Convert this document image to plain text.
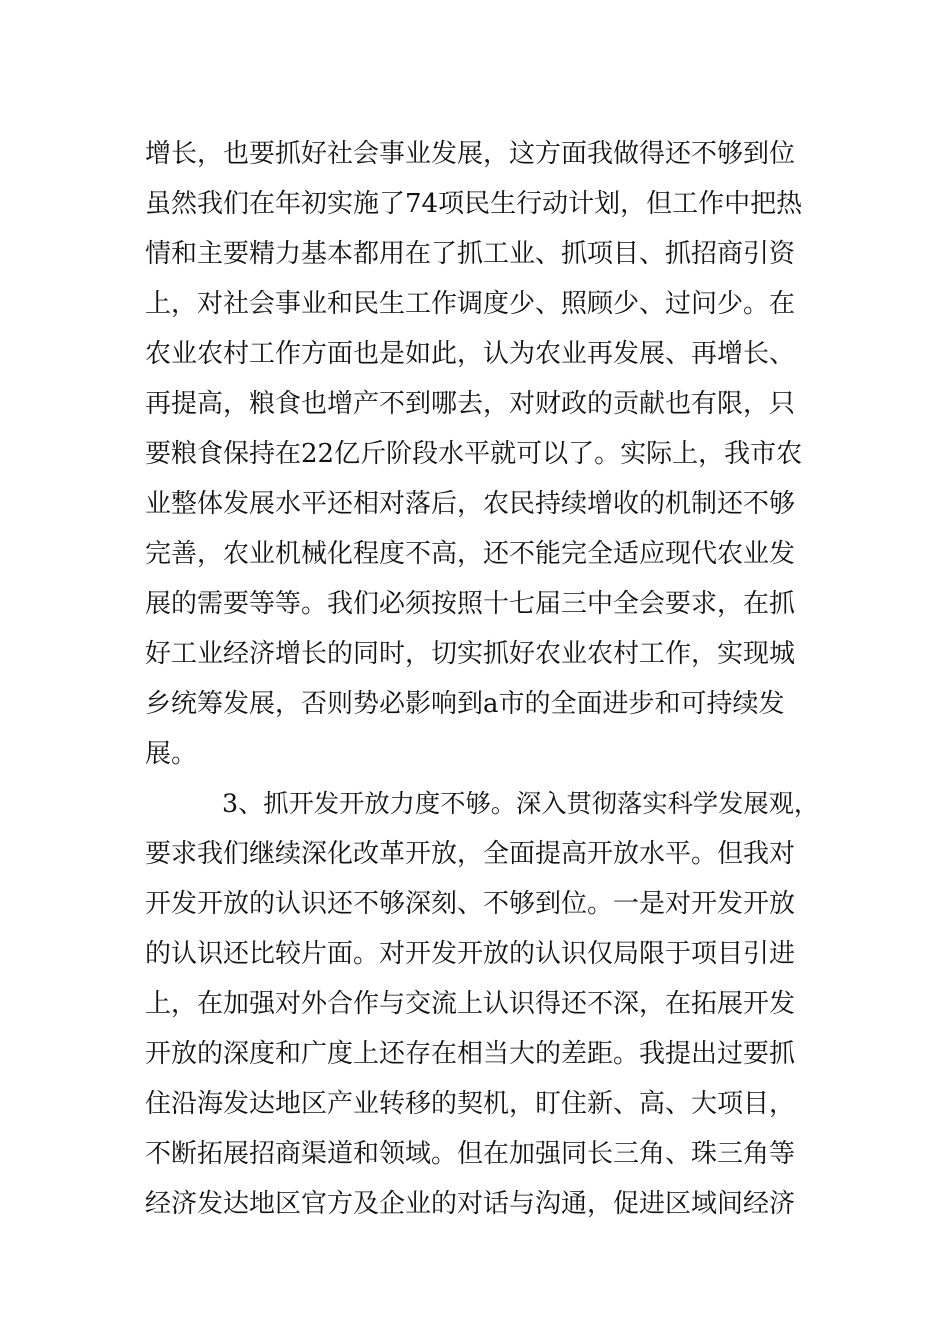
增长，也要抓好社会事业发展，这方面我做得还不够到位
虽然我们在年初实施了74项民生行动计划，但工作中把热
情和主要精力基本都用在了抓工业、抓项目、抓招商引资
上，对社会事业和民生工作调度少、照顾少、过问少。在
农业农村工作方面也是如此，认为农业再发展、再增长、
再提高，粮食也增产不到哪去，对财政的贡献也有限，只
要粮食保持在22亿斤阶段水平就可以了。实际上，我市农
业整体发展水平还相对落后，农民持续增收的机制还不够
完善，农业机械化程度不高，还不能完全适应现代农业发
展的需要等等。我们必须按照十七届三中全会要求，在抓
好工业经济增长的同时，切实抓好农业农村工作，实现城
乡统筹发展，否则势必影响到a市的全面进步和可持续发
展。
3、抓开发开放力度不够。深入贯彻落实科学发展观，
要求我们继续深化改革开放，全面提高开放水平。但我对
开发开放的认识还不够深刻、不够到位。一是对开发开放
的认识还比较片面。对开发开放的认识仅局限于项目引进
上，在加强对外合作与交流上认识得还不深，在拓展开发
开放的深度和广度上还存在相当大的差距。我提出过要抓
住沿海发达地区产业转移的契机，盯住新、高、大项目，
不断拓展招商渠道和领域。但在加强同长三角、珠三角等
经济发达地区官方及企业的对话与沟通，促进区域间经济
